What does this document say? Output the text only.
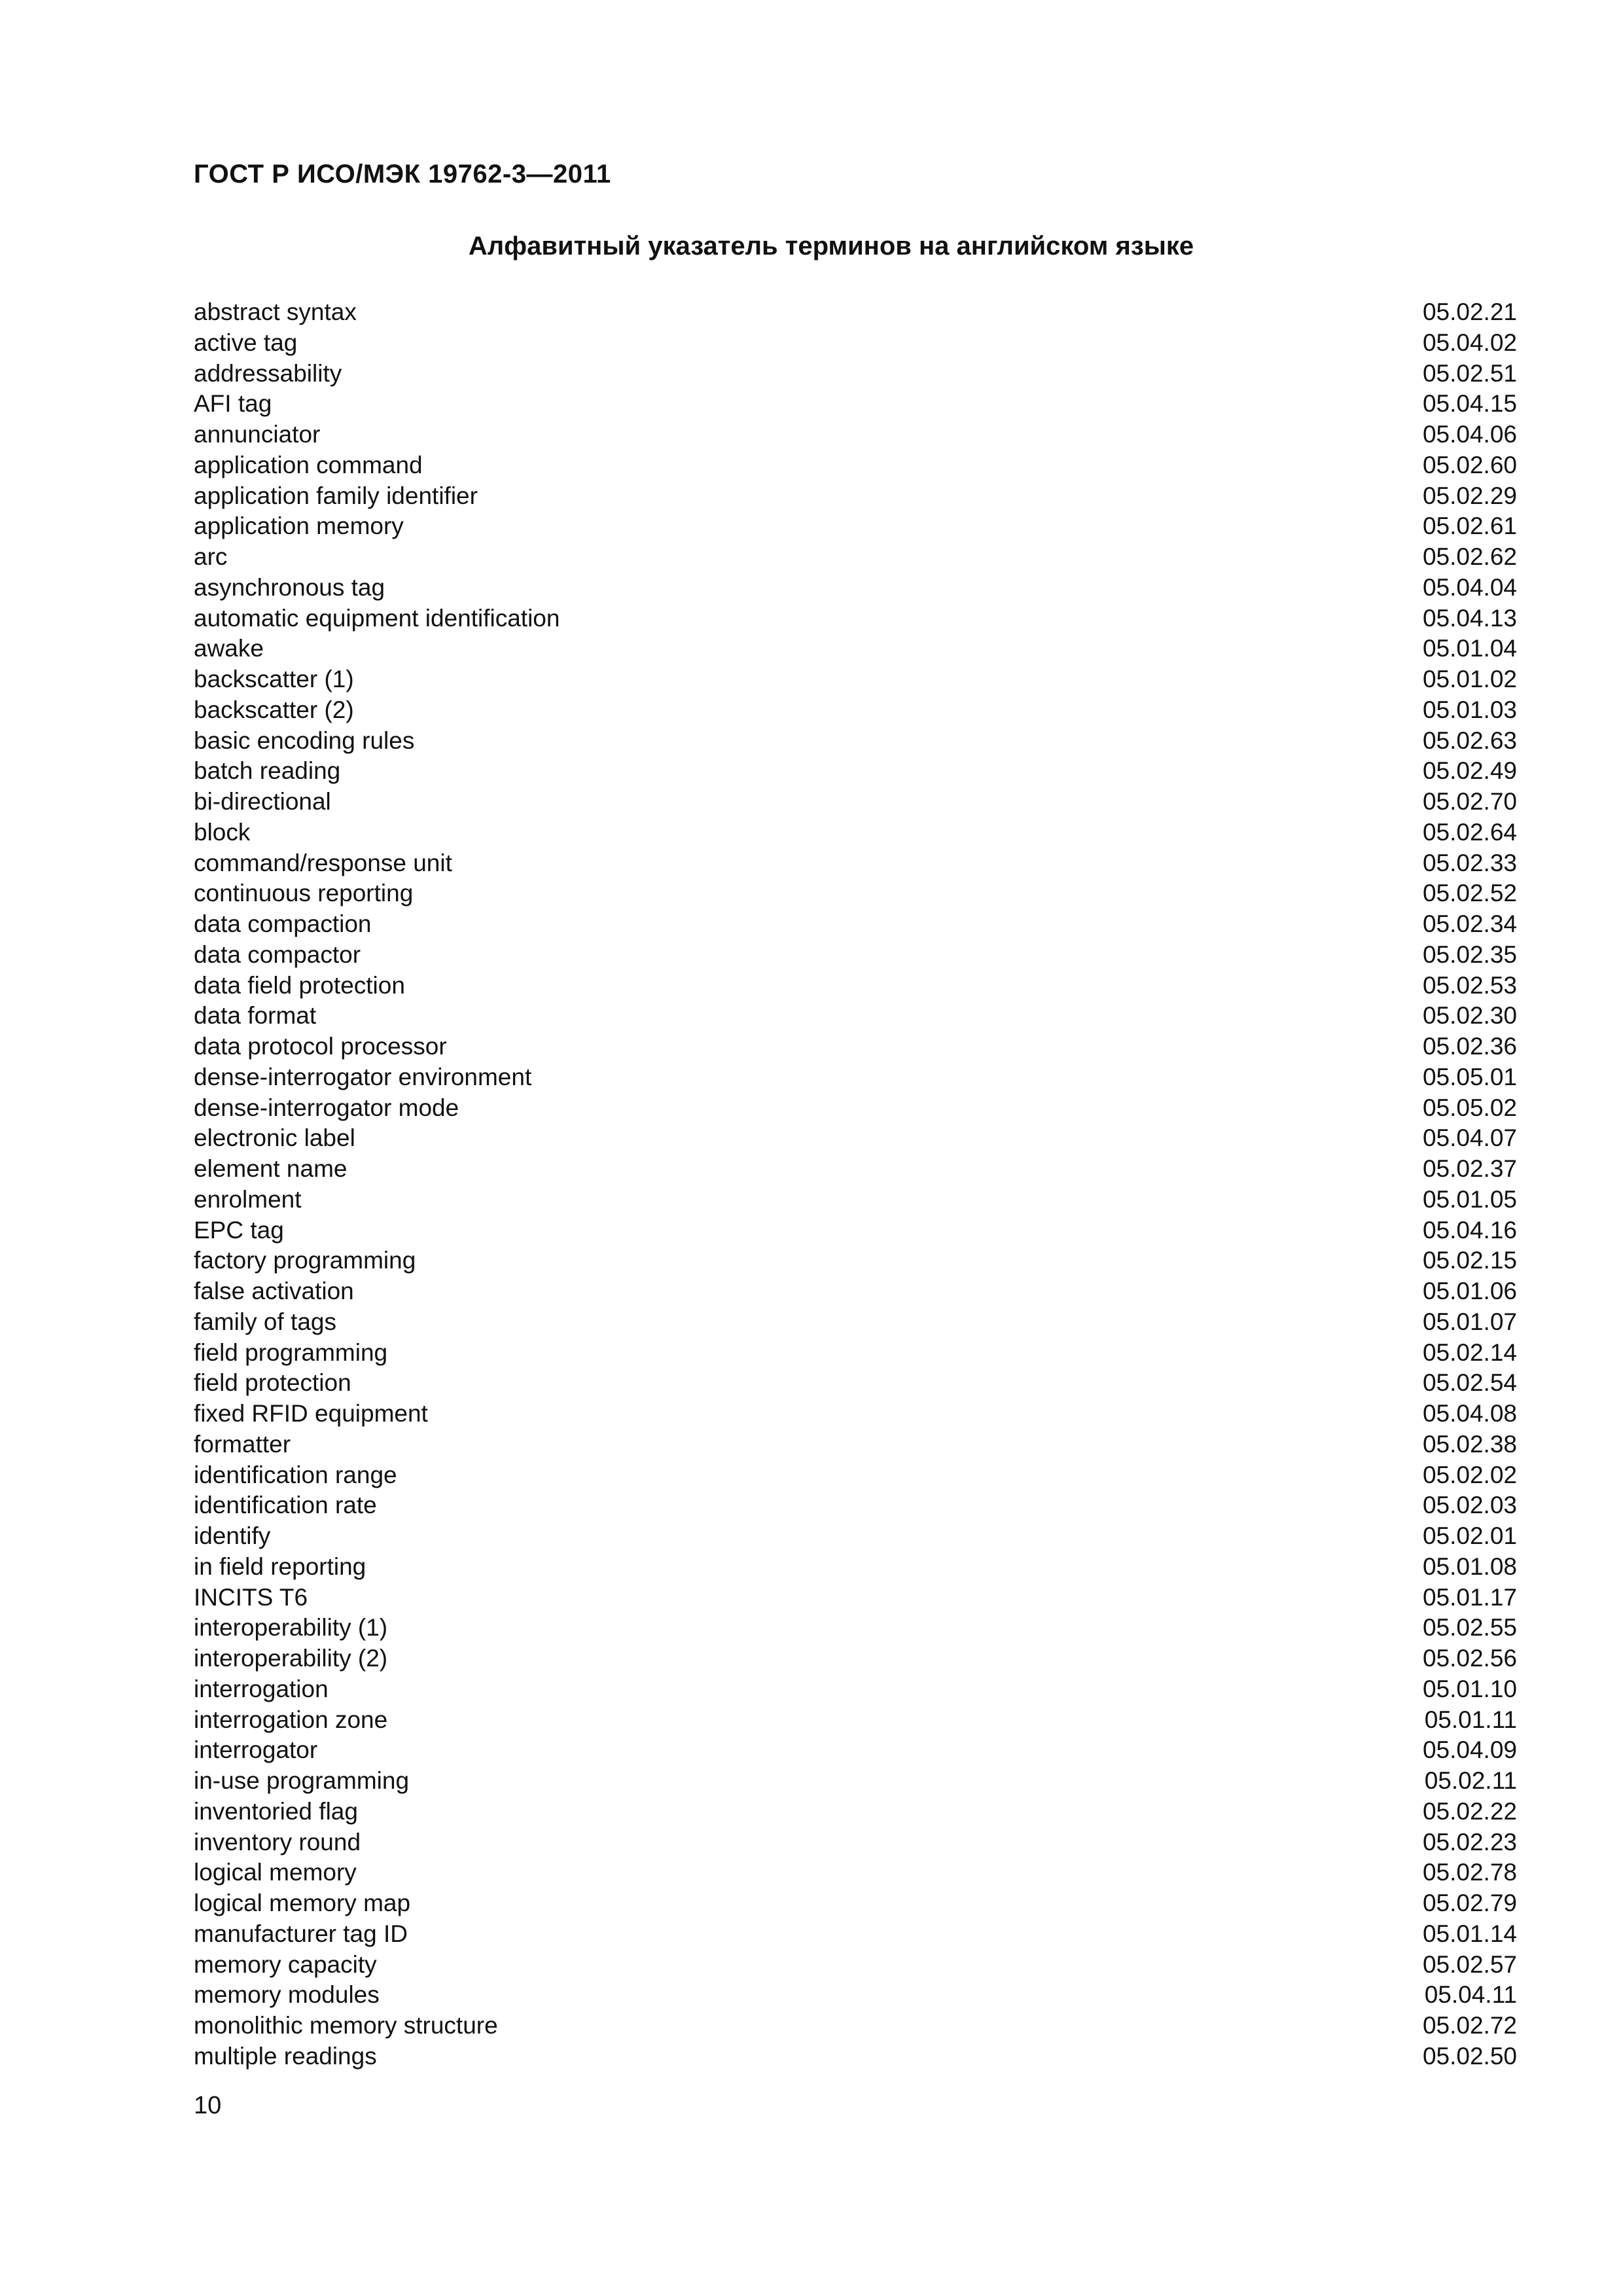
ГОСТ Р ИСО/МЭК 19762-3—2011
Алфавитный указатель терминов на английском языке
abstract syntax	05.02.21
active tag	05.04.02
addressability	05.02.51
AFI tag	05.04.15
annunciator	05.04.06
application command	05.02.60
application family identifier	05.02.29
application memory	05.02.61
arc	05.02.62
asynchronous tag	05.04.04
automatic equipment identification	05.04.13
awake	05.01.04
backscatter (1)	05.01.02
backscatter (2)	05.01.03
basic encoding rules	05.02.63
batch reading	05.02.49
bi-directional	05.02.70
block	05.02.64
command/response unit	05.02.33
continuous reporting	05.02.52
data compaction	05.02.34
data compactor	05.02.35
data field protection	05.02.53
data format	05.02.30
data protocol processor	05.02.36
dense-interrogator environment	05.05.01
dense-interrogator mode	05.05.02
electronic label	05.04.07
element name	05.02.37
enrolment	05.01.05
EPC tag	05.04.16
factory programming	05.02.15
false activation	05.01.06
family of tags	05.01.07
field programming	05.02.14
field protection	05.02.54
fixed RFID equipment	05.04.08
formatter	05.02.38
identification range	05.02.02
identification rate	05.02.03
identify	05.02.01
in field reporting	05.01.08
INCITS T6	05.01.17
interoperability (1)	05.02.55
interoperability (2)	05.02.56
interrogation	05.01.10
interrogation zone	05.01.11
interrogator	05.04.09
in-use programming	05.02.11
inventoried flag	05.02.22
inventory round	05.02.23
logical memory	05.02.78
logical memory map	05.02.79
manufacturer tag ID	05.01.14
memory capacity	05.02.57
memory modules	05.04.11
monolithic memory structure	05.02.72
multiple readings	05.02.50
10
